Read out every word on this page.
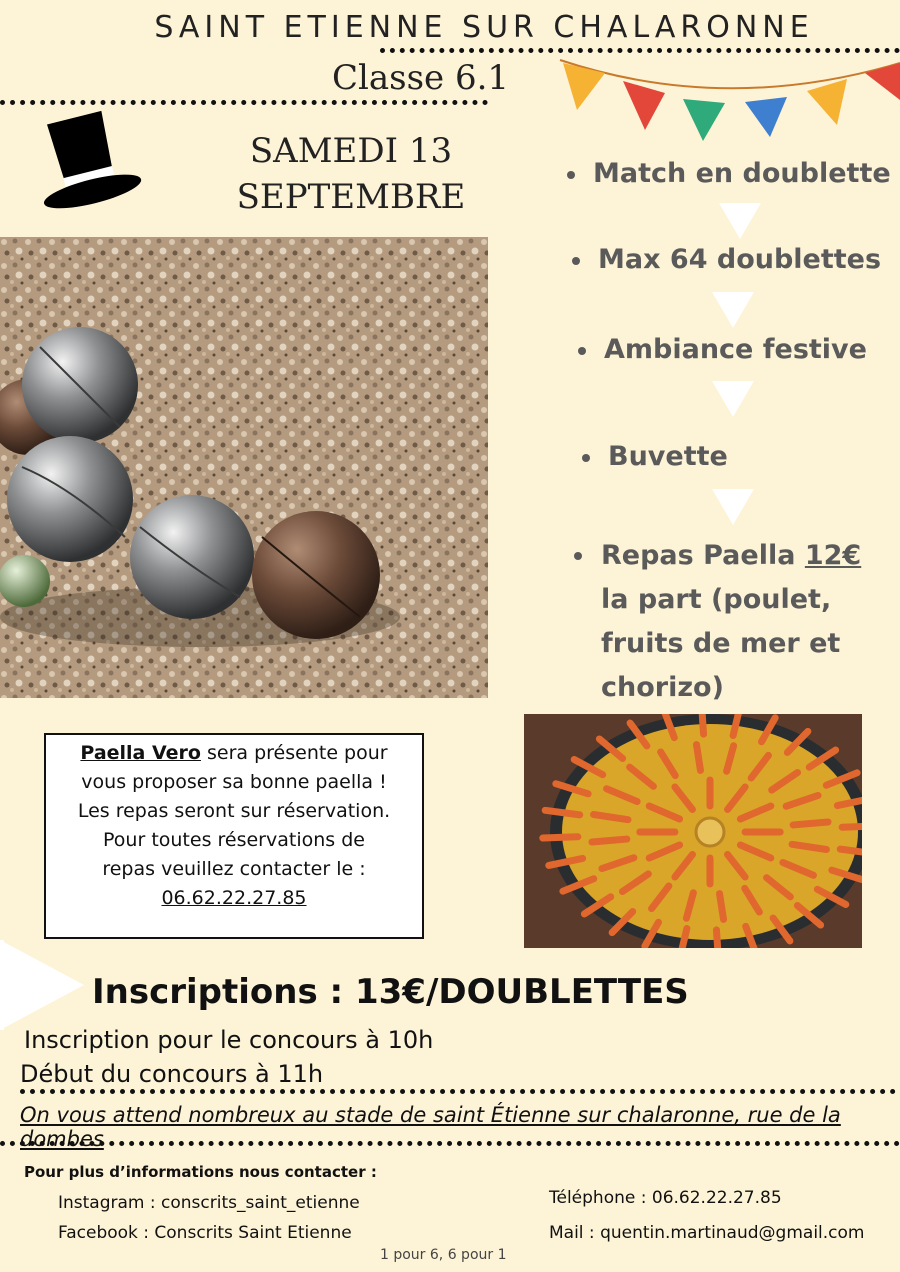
SAINT ETIENNE SUR CHALARONNE
Classe 6.1
SAMEDI 13
SEPTEMBRE
Match en doublette
Max 64 doublettes
Ambiance festive
Buvette
Repas Paella 12€ la part (poulet, fruits de mer et chorizo)
Paella Vero sera présente pour vous proposer sa bonne paella ! Les repas seront sur réservation.
Pour toutes réservations de repas veuillez contacter le :
06.62.22.27.85
Inscriptions : 13€/DOUBLETTES
Inscription pour le concours à 10h
Début du concours à 11h
On vous attend nombreux au stade de saint Étienne sur chalaronne, rue de la dombes
Pour plus d’informations nous contacter :
Instagram : conscrits_saint_etienne
Facebook : Conscrits Saint Etienne
Téléphone : 06.62.22.27.85
Mail : quentin.martinaud@gmail.com
1 pour 6, 6 pour 1
